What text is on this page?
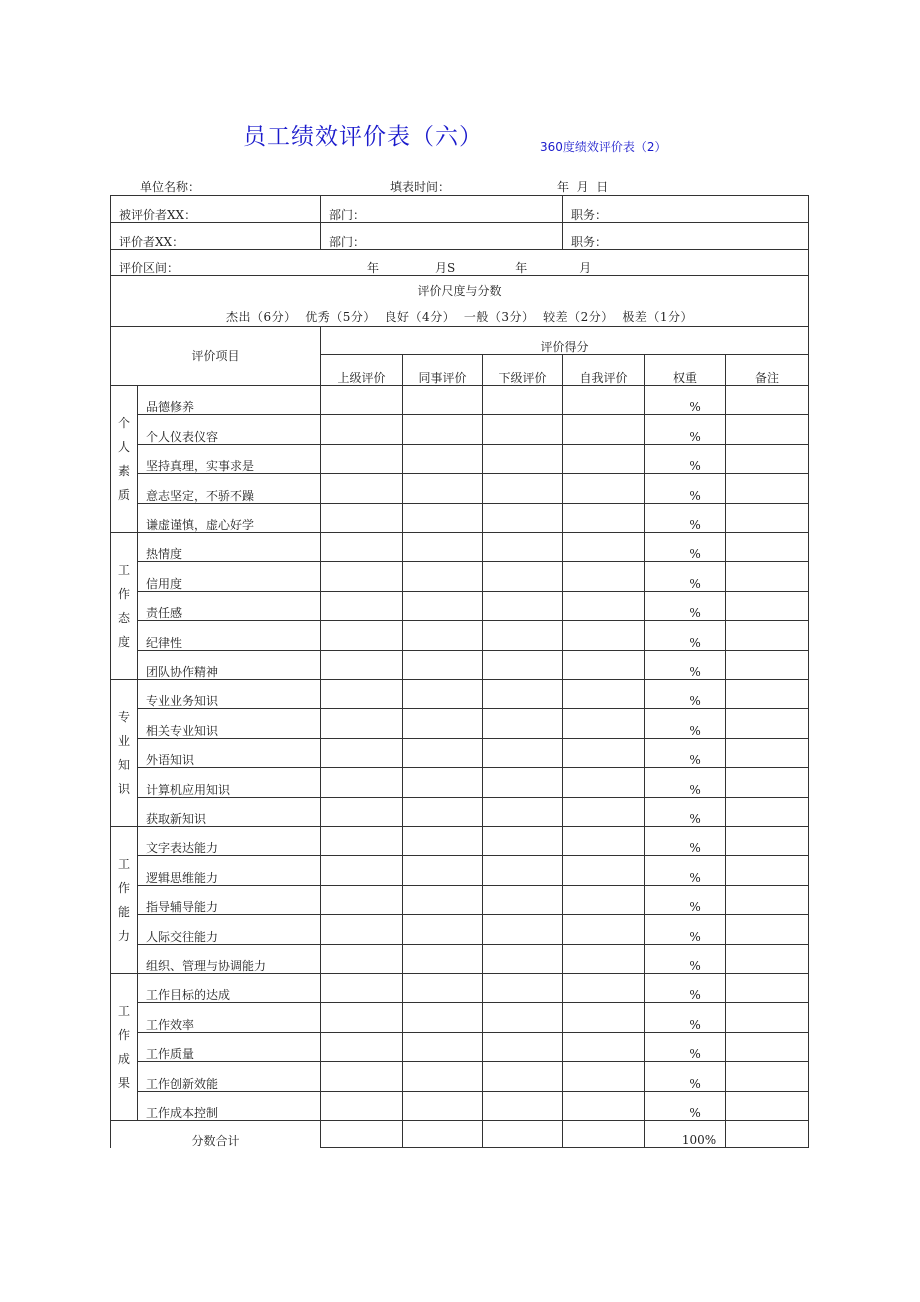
员工绩效评价表（六）	360度绩效评价表（2）
单位名称：	填表时间：	年  月  日
被评价者XX：		部门：			职务：		
评价者XX：		部门：			职务：		
评价区间： 年 月S 年 月							

评价尺度与分数
杰出（6分）  优秀（5分）  良好（4分）  一般（3分）  较差（2分）  极差（1分）							

评价项目		评价得分					
		上级评价	同事评价	下级评价	自我评价	权重	备注

个
人
素
质	品德修养					%	
	个人仪表仪容					%	
	坚持真理，实事求是					%	
	意志坚定，不骄不躁					%	
	谦虚谨慎，虚心好学					%	

工
作
态
度	热情度					%	
	信用度					%	
	责任感					%	
	纪律性					%	
	团队协作精神					%	

专
业
知
识	专业业务知识					%	
	相关专业知识					%	
	外语知识					%	
	计算机应用知识					%	
	获取新知识					%	

工
作
能
力	文字表达能力					%	
	逻辑思维能力					%	
	指导辅导能力					%	
	人际交往能力					%	
	组织、管理与协调能力					%	

工
作
成
果	工作目标的达成					%	
	工作效率					%	
	工作质量					%	
	工作创新效能					%	
	工作成本控制					%	
分数合计						100%	
